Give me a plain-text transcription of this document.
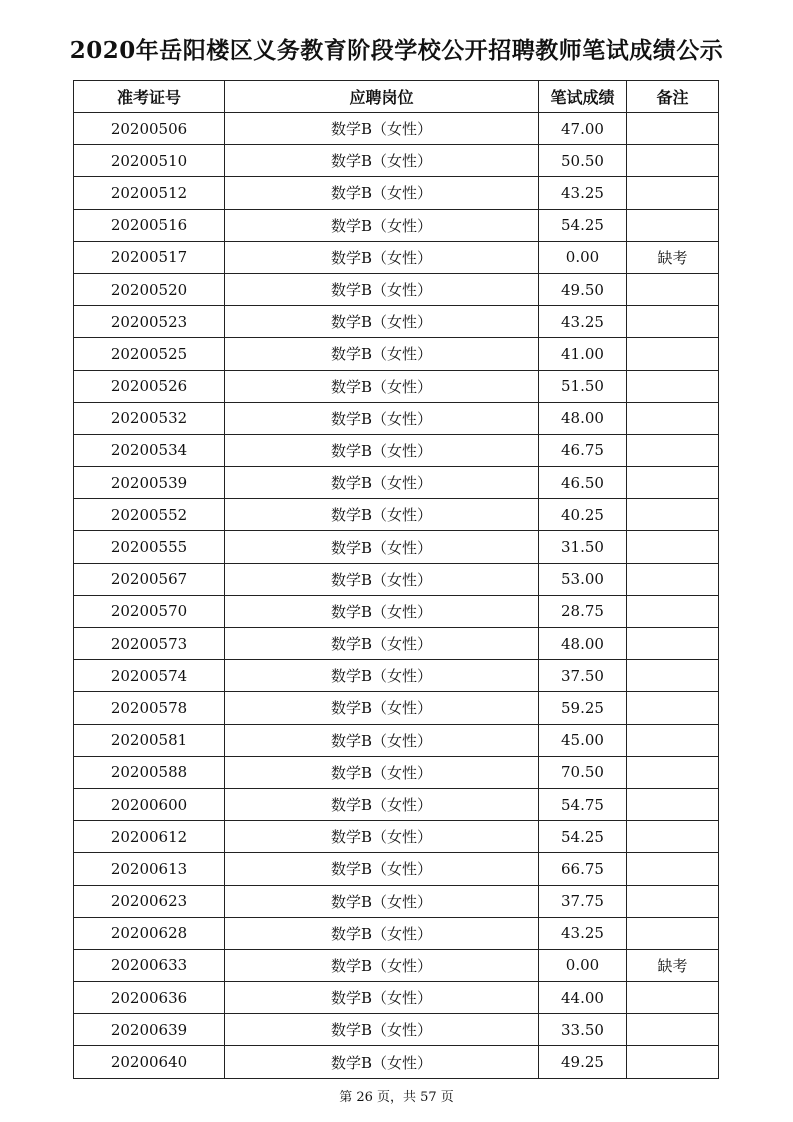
2020年岳阳楼区义务教育阶段学校公开招聘教师笔试成绩公示
准考证号	应聘岗位	笔试成绩	备注
20200506	数学B（女性）	47.00	
20200510	数学B（女性）	50.50	
20200512	数学B（女性）	43.25	
20200516	数学B（女性）	54.25	
20200517	数学B（女性）	0.00	缺考
20200520	数学B（女性）	49.50	
20200523	数学B（女性）	43.25	
20200525	数学B（女性）	41.00	
20200526	数学B（女性）	51.50	
20200532	数学B（女性）	48.00	
20200534	数学B（女性）	46.75	
20200539	数学B（女性）	46.50	
20200552	数学B（女性）	40.25	
20200555	数学B（女性）	31.50	
20200567	数学B（女性）	53.00	
20200570	数学B（女性）	28.75	
20200573	数学B（女性）	48.00	
20200574	数学B（女性）	37.50	
20200578	数学B（女性）	59.25	
20200581	数学B（女性）	45.00	
20200588	数学B（女性）	70.50	
20200600	数学B（女性）	54.75	
20200612	数学B（女性）	54.25	
20200613	数学B（女性）	66.75	
20200623	数学B（女性）	37.75	
20200628	数学B（女性）	43.25	
20200633	数学B（女性）	0.00	缺考
20200636	数学B（女性）	44.00	
20200639	数学B（女性）	33.50	
20200640	数学B（女性）	49.25	
第 26 页，共 57 页
